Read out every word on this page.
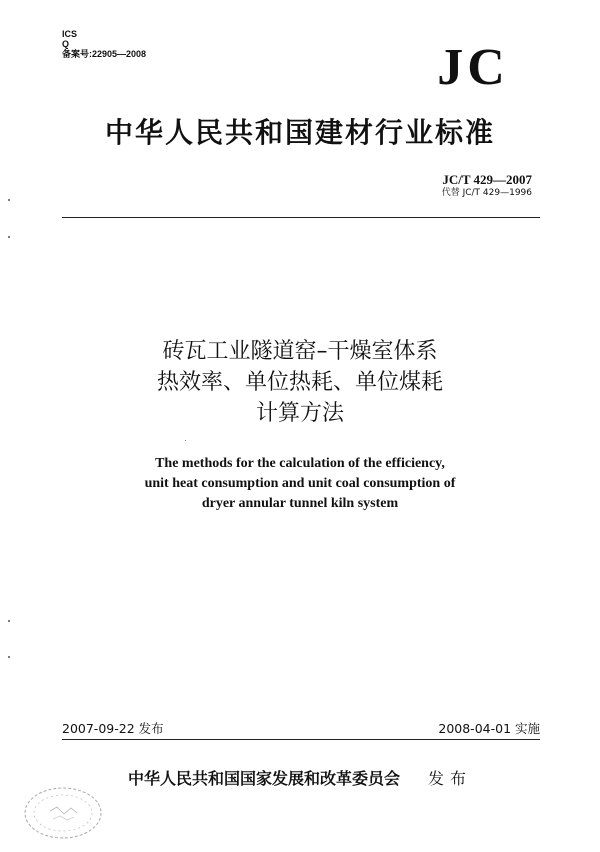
ICS
Q
备案号:22905—2008	JC
中华人民共和国建材行业标准
JC/T 429—2007
代替 JC/T 429—1996
砖瓦工业隧道窑–干燥室体系
热效率、单位热耗、单位煤耗
计算方法
The methods for the calculation of the efficiency,
unit heat consumption and unit coal consumption of
dryer annular tunnel kiln system
2007-09-22 发布	2008-04-01 实施
中华人民共和国国家发展和改革委员会 发布
